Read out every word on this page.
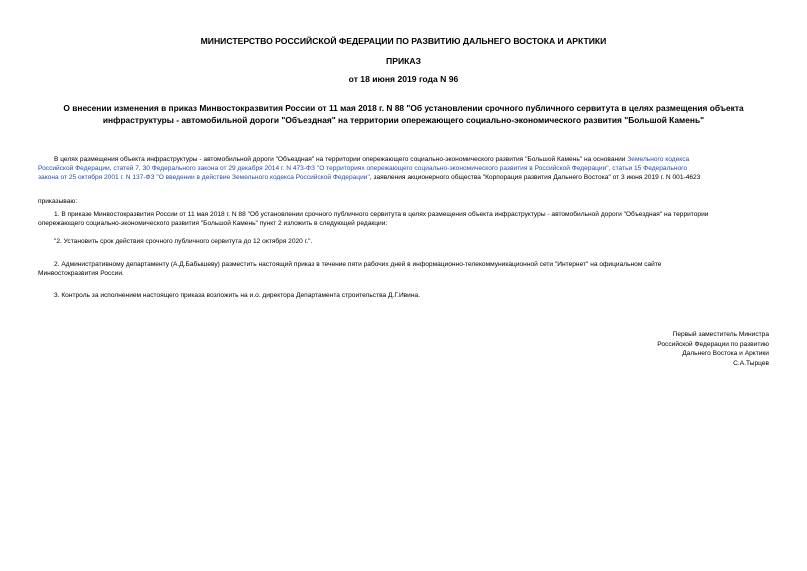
МИНИСТЕРСТВО РОССИЙСКОЙ ФЕДЕРАЦИИ ПО РАЗВИТИЮ ДАЛЬНЕГО ВОСТОКА И АРКТИКИ
ПРИКАЗ
от 18 июня 2019 года N 96
О внесении изменения в приказ Минвостокразвития России от 11 мая 2018 г. N 88 "Об установлении срочного публичного сервитута в целях размещения объекта
инфраструктуры - автомобильной дороги "Объездная" на территории опережающего социально-экономического развития "Большой Камень"
В целях размещения объекта инфраструктуры - автомобильной дороги "Объездная" на территории опережающего социально-экономического развития "Большой Камень" на основании Земельного кодекса
Российской Федерации, статей 7, 30 Федерального закона от 29 декабря 2014 г. N 473-ФЗ "О территориях опережающего социально-экономического развития в Российской Федерации", статьи 15 Федерального
закона от 25 октября 2001 г. N 137-ФЗ "О введении в действие Земельного кодекса Российской Федерации", заявления акционерного общества "Корпорация развития Дальнего Востока" от 3 июня 2019 г. N 001-4623
приказываю:
1. В приказе Минвостокразвития России от 11 мая 2018 г. N 88 "Об установлении срочного публичного сервитута в целях размещения объекта инфраструктуры - автомобильной дороги "Объездная" на территории
опережающего социально-экономического развития "Большой Камень" пункт 2 изложить в следующей редакции:
"2. Установить срок действия срочного публичного сервитута до 12 октября 2020 г.".
2. Административному департаменту (А.Д.Бабышеву) разместить настоящий приказ в течение пяти рабочих дней в информационно-телекоммуникационной сети "Интернет" на официальном сайте
Минвостокразвития России.
3. Контроль за исполнением настоящего приказа возложить на и.о. директора Департамента строительства Д.Г.Ивина.
Первый заместитель Министра
Российской Федерации по развитию
Дальнего Востока и Арктики
С.А.Тырцев
